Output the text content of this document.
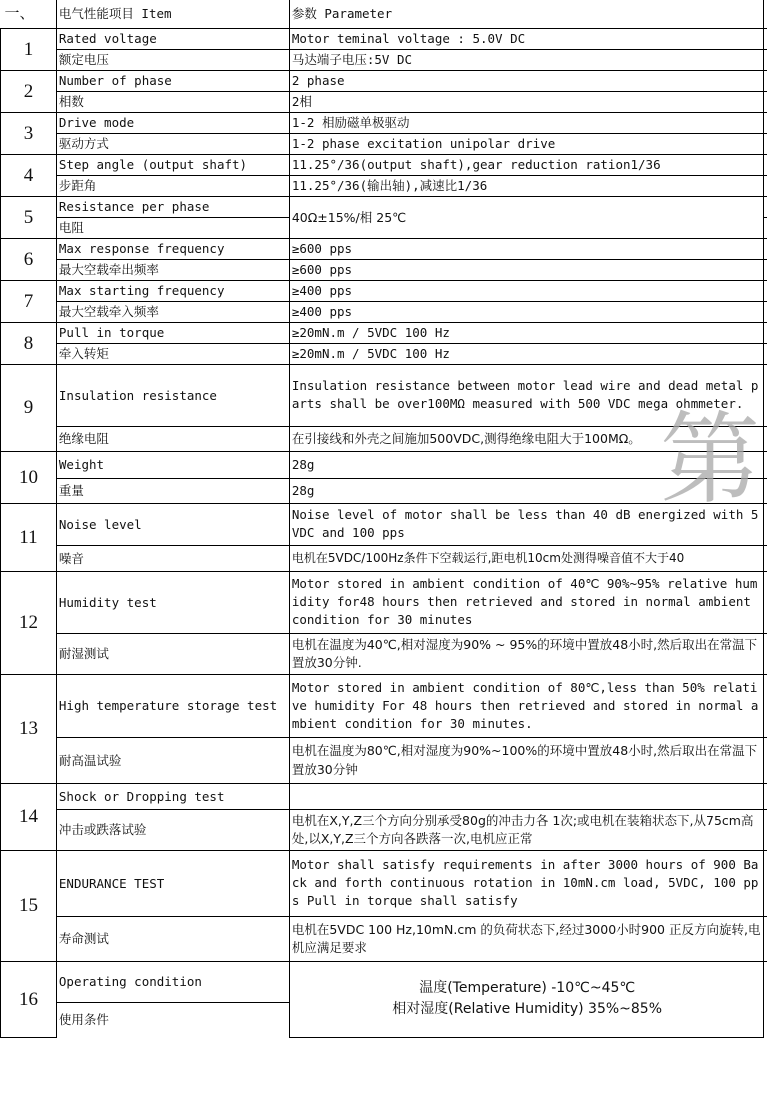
一、	电气性能项目 Item	参数 Parameter	
1	Rated voltage	Motor teminal voltage : 5.0V DC	
	额定电压	马达端子电压:5V DC	
2	Number of phase	2 phase	
	相数	2相	
3	Drive mode	1-2 相励磁单极驱动	
	驱动方式	1-2 phase excitation unipolar drive	
4	Step angle (output shaft)	11.25°/36(output shaft),gear reduction ration1/36	
	步距角	11.25°/36(输出轴),减速比1/36	
5	Resistance per phase	40Ω±15%/相 25℃	
	电阻		
6	Max response frequency	≥600 pps	
	最大空载牵出频率	≥600 pps	
7	Max starting frequency	≥400 pps	
	最大空载牵入频率	≥400 pps	
8	Pull in torque	≥20mN.m / 5VDC 100 Hz	
	牵入转矩	≥20mN.m / 5VDC 100 Hz	
9	Insulation resistance	Insulation resistance between motor lead wire and dead metal parts shall be over100MΩ measured with 500 VDC mega ohmmeter.	
	绝缘电阻	在引接线和外壳之间施加500VDC,测得绝缘电阻大于100MΩ。	
10	Weight	28g	
	重量	28g	
11	Noise level	Noise level of motor shall be less than 40 dB energized with 5VDC and 100 pps	
	噪音	电机在5VDC/100Hz条件下空载运行,距电机10cm处测得噪音值不大于40	
12	Humidity test	Motor stored in ambient condition of 40℃ 90%~95% relative humidity for48 hours then retrieved and stored in normal ambient condition for 30 minutes	
	耐湿测试	电机在温度为40℃,相对湿度为90% ~ 95%的环境中置放48小时,然后取出在常温下置放30分钟.	
13	High temperature storage test	Motor stored in ambient condition of 80℃,less than 50% relative humidity For 48 hours then retrieved and stored in normal ambient condition for 30 minutes.	
	耐高温试验	电机在温度为80℃,相对湿度为90%~100%的环境中置放48小时,然后取出在常温下置放30分钟	
14	Shock or Dropping test		
	冲击或跌落试验	电机在X,Y,Z三个方向分别承受80g的冲击力各 1次;或电机在装箱状态下,从75cm高处,以X,Y,Z三个方向各跌落一次,电机应正常	
15	ENDURANCE TEST	Motor shall satisfy requirements in after 3000 hours of 900 Back and forth continuous rotation in 10mN.cm load, 5VDC, 100 pps Pull in torque shall satisfy	
	寿命测试	电机在5VDC 100 Hz,10mN.cm 的负荷状态下,经过3000小时900 正反方向旋转,电机应满足要求	
16	Operating condition	温度(Temperature) -10℃~45℃
相对湿度(Relative Humidity) 35%~85%	

	使用条件		
第
